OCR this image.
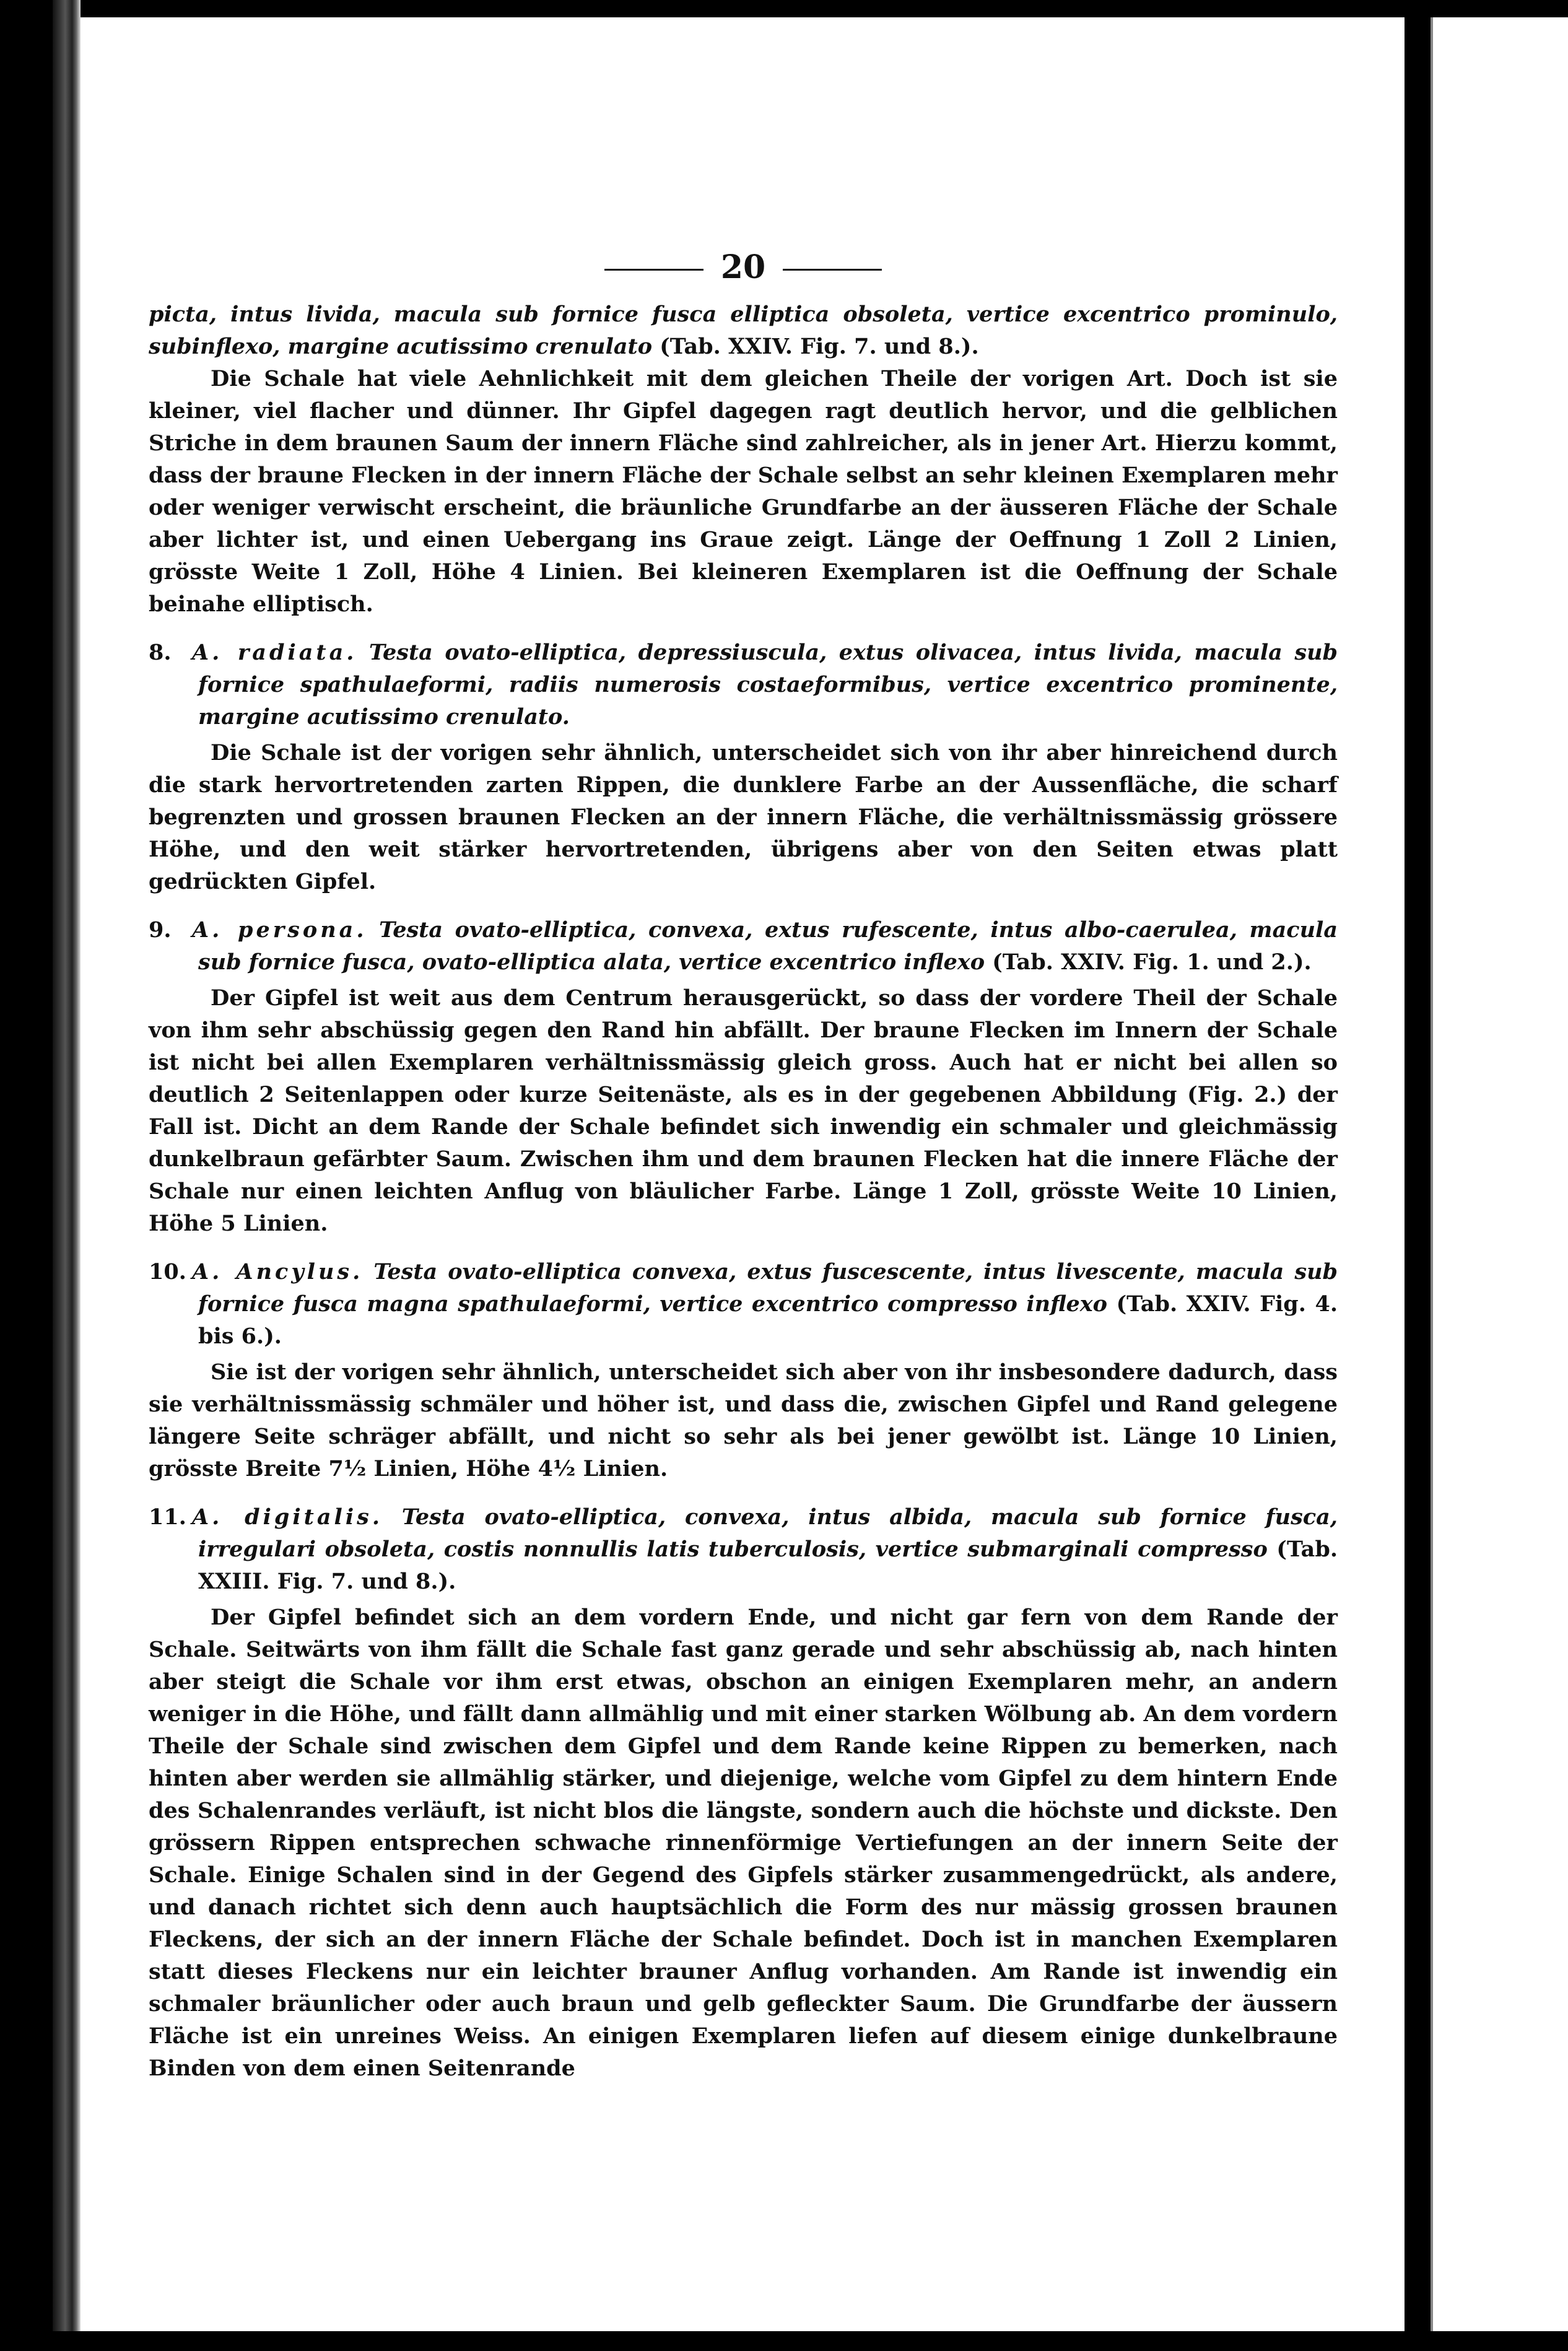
20

picta, intus livida, macula sub fornice fusca elliptica obsoleta, vertice excentrico prominulo, subinflexo, margine acutissimo crenulato (Tab. XXIV. Fig. 7. und 8.).

Die Schale hat viele Aehnlichkeit mit dem gleichen Theile der vorigen Art. Doch ist sie kleiner, viel flacher und dünner. Ihr Gipfel dagegen ragt deutlich hervor, und die gelblichen Striche in dem braunen Saum der innern Fläche sind zahlreicher, als in jener Art. Hierzu kommt, dass der braune Flecken in der innern Fläche der Schale selbst an sehr kleinen Exemplaren mehr oder weniger verwischt erscheint, die bräunliche Grundfarbe an der äusseren Fläche der Schale aber lichter ist, und einen Uebergang ins Graue zeigt. Länge der Oeffnung 1 Zoll 2 Linien, grösste Weite 1 Zoll, Höhe 4 Linien. Bei kleineren Exemplaren ist die Oeffnung der Schale beinahe elliptisch.

8. A. radiata. Testa ovato-elliptica, depressiuscula, extus olivacea, intus livida, macula sub fornice spathulaeformi, radiis numerosis costaeformibus, vertice excentrico prominente, margine acutissimo crenulato.

Die Schale ist der vorigen sehr ähnlich, unterscheidet sich von ihr aber hinreichend durch die stark hervortretenden zarten Rippen, die dunklere Farbe an der Aussenfläche, die scharf begrenzten und grossen braunen Flecken an der innern Fläche, die verhältnissmässig grössere Höhe, und den weit stärker hervortretenden, übrigens aber von den Seiten etwas platt gedrückten Gipfel.

9. A. persona. Testa ovato-elliptica, convexa, extus rufescente, intus albo-caerulea, macula sub fornice fusca, ovato-elliptica alata, vertice excentrico inflexo (Tab. XXIV. Fig. 1. und 2.).

Der Gipfel ist weit aus dem Centrum herausgerückt, so dass der vordere Theil der Schale von ihm sehr abschüssig gegen den Rand hin abfällt. Der braune Flecken im Innern der Schale ist nicht bei allen Exemplaren verhältnissmässig gleich gross. Auch hat er nicht bei allen so deutlich 2 Seitenlappen oder kurze Seitenäste, als es in der gegebenen Abbildung (Fig. 2.) der Fall ist. Dicht an dem Rande der Schale befindet sich inwendig ein schmaler und gleichmässig dunkelbraun gefärbter Saum. Zwischen ihm und dem braunen Flecken hat die innere Fläche der Schale nur einen leichten Anflug von bläulicher Farbe. Länge 1 Zoll, grösste Weite 10 Linien, Höhe 5 Linien.

10. A. Ancylus. Testa ovato-elliptica convexa, extus fuscescente, intus livescente, macula sub fornice fusca magna spathulaeformi, vertice excentrico compresso inflexo (Tab. XXIV. Fig. 4. bis 6.).

Sie ist der vorigen sehr ähnlich, unterscheidet sich aber von ihr insbesondere dadurch, dass sie verhältnissmässig schmäler und höher ist, und dass die, zwischen Gipfel und Rand gelegene längere Seite schräger abfällt, und nicht so sehr als bei jener gewölbt ist. Länge 10 Linien, grösste Breite 7½ Linien, Höhe 4½ Linien.

11. A. digitalis. Testa ovato-elliptica, convexa, intus albida, macula sub fornice fusca, irregulari obsoleta, costis nonnullis latis tuberculosis, vertice submarginali compresso (Tab. XXIII. Fig. 7. und 8.).

Der Gipfel befindet sich an dem vordern Ende, und nicht gar fern von dem Rande der Schale. Seitwärts von ihm fällt die Schale fast ganz gerade und sehr abschüssig ab, nach hinten aber steigt die Schale vor ihm erst etwas, obschon an einigen Exemplaren mehr, an andern weniger in die Höhe, und fällt dann allmählig und mit einer starken Wölbung ab. An dem vordern Theile der Schale sind zwischen dem Gipfel und dem Rande keine Rippen zu bemerken, nach hinten aber werden sie allmählig stärker, und diejenige, welche vom Gipfel zu dem hintern Ende des Schalenrandes verläuft, ist nicht blos die längste, sondern auch die höchste und dickste. Den grössern Rippen entsprechen schwache rinnenförmige Vertiefungen an der innern Seite der Schale. Einige Schalen sind in der Gegend des Gipfels stärker zusammengedrückt, als andere, und danach richtet sich denn auch hauptsächlich die Form des nur mässig grossen braunen Fleckens, der sich an der innern Fläche der Schale befindet. Doch ist in manchen Exemplaren statt dieses Fleckens nur ein leichter brauner Anflug vorhanden. Am Rande ist inwendig ein schmaler bräunlicher oder auch braun und gelb gefleckter Saum. Die Grundfarbe der äussern Fläche ist ein unreines Weiss. An einigen Exemplaren liefen auf diesem einige dunkelbraune Binden von dem einen Seitenrande
